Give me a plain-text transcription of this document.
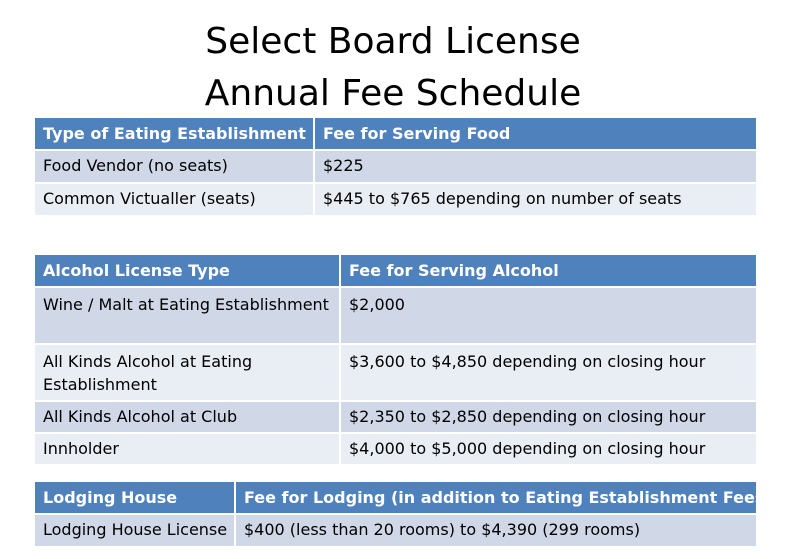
Select Board License
Annual Fee Schedule
Type of Eating Establishment	Fee for Serving Food
Food Vendor (no seats)	$225
Common Victualler (seats)	$445 to $765 depending on number of seats
Alcohol License Type	Fee for Serving Alcohol
Wine / Malt at Eating Establishment	$2,000
All Kinds Alcohol at Eating Establishment	$3,600 to $4,850 depending on closing hour
All Kinds Alcohol at Club	$2,350 to $2,850 depending on closing hour
Innholder	$4,000 to $5,000 depending on closing hour
Lodging House	Fee for Lodging (in addition to Eating Establishment Fees)
Lodging House License	$400 (less than 20 rooms) to $4,390 (299 rooms)
